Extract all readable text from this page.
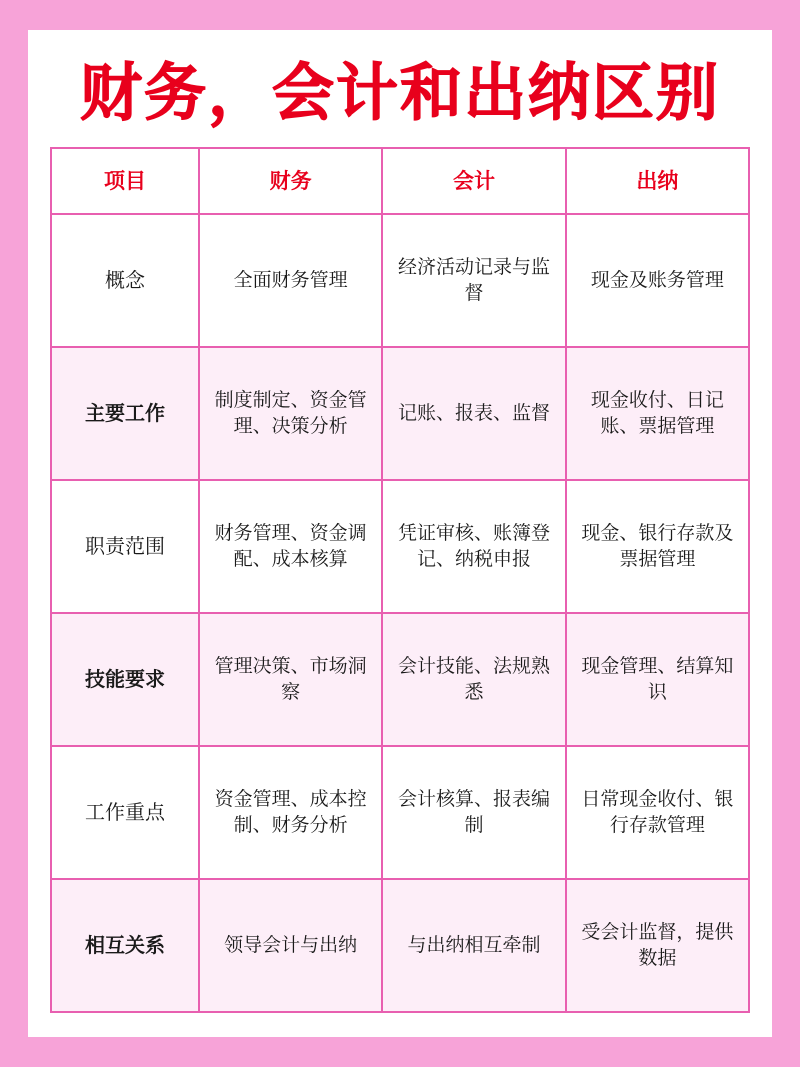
财务，会计和出纳区别
项目	财务	会计	出纳
概念	全面财务管理	经济活动记录与监督	现金及账务管理
主要工作	制度制定、资金管理、决策分析	记账、报表、监督	现金收付、日记账、票据管理
职责范围	财务管理、资金调配、成本核算	凭证审核、账簿登记、纳税申报	现金、银行存款及票据管理
技能要求	管理决策、市场洞察	会计技能、法规熟悉	现金管理、结算知识
工作重点	资金管理、成本控制、财务分析	会计核算、报表编制	日常现金收付、银行存款管理
相互关系	领导会计与出纳	与出纳相互牵制	受会计监督，提供数据
